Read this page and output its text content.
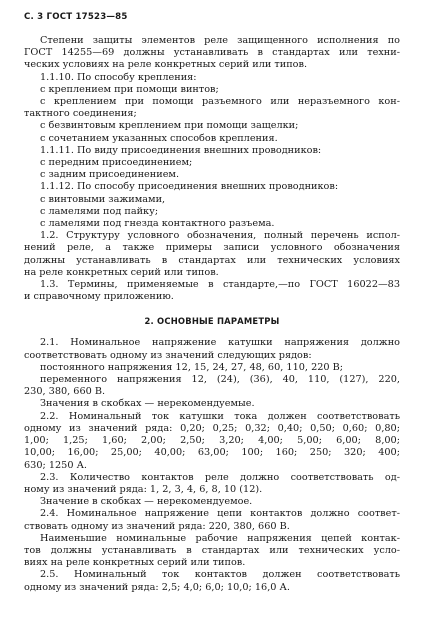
С. 3 ГОСТ 17523—85
Степени защиты элементов реле защищенного исполнения по
ГОСТ 14255—69 должны устанавливать в стандартах или техни-
ческих условиях на реле конкретных серий или типов.
1.1.10. По способу крепления:
с креплением при помощи винтов;
с креплением при помощи разъемного или неразъемного кон-
тактного соединения;
с безвинтовым креплением при помощи защелки;
с сочетанием указанных способов крепления.
1.1.11. По виду присоединения внешних проводников:
с передним присоединением;
с задним присоединением.
1.1.12. По способу присоединения внешних проводников:
с винтовыми зажимами,
с ламелями под пайку;
с ламелями под гнезда контактного разъема.
1.2. Структуру условного обозначения, полный перечень испол-
нений реле, а также примеры записи условного обозначения
должны устанавливать в стандартах или технических условиях
на реле конкретных серий или типов.
1.3. Термины, применяемые в стандарте,—по ГОСТ 16022—83
и справочному приложению.
2. ОСНОВНЫЕ ПАРАМЕТРЫ
2.1. Номинальное напряжение катушки напряжения должно
соответствовать одному из значений следующих рядов:
постоянного напряжения 12, 15, 24, 27, 48, 60, 110, 220 В;
переменного напряжения 12, (24), (36), 40, 110, (127), 220,
230, 380, 660 В.
Значения в скобках — нерекомендуемые.
2.2. Номинальный ток катушки тока должен соответствовать
одному из значений ряда: 0,20; 0,25; 0,32; 0,40; 0,50; 0,60; 0,80;
1,00; 1,25; 1,60; 2,00; 2,50; 3,20; 4,00; 5,00; 6,00; 8,00;
10,00; 16,00; 25,00; 40,00; 63,00; 100; 160; 250; 320; 400;
630; 1250 А.
2.3. Количество контактов реле должно соответствовать од-
ному из значений ряда: 1, 2, 3, 4, 6, 8, 10 (12).
Значение в скобках — нерекомендуемое.
2.4. Номинальное напряжение цепи контактов должно соответ-
ствовать одному из значений ряда: 220, 380, 660 В.
Наименьшие номинальные рабочие напряжения цепей контак-
тов должны устанавливать в стандартах или технических усло-
виях на реле конкретных серий или типов.
2.5. Номинальный ток контактов должен соответствовать
одному из значений ряда: 2,5; 4,0; 6,0; 10,0; 16,0 А.
